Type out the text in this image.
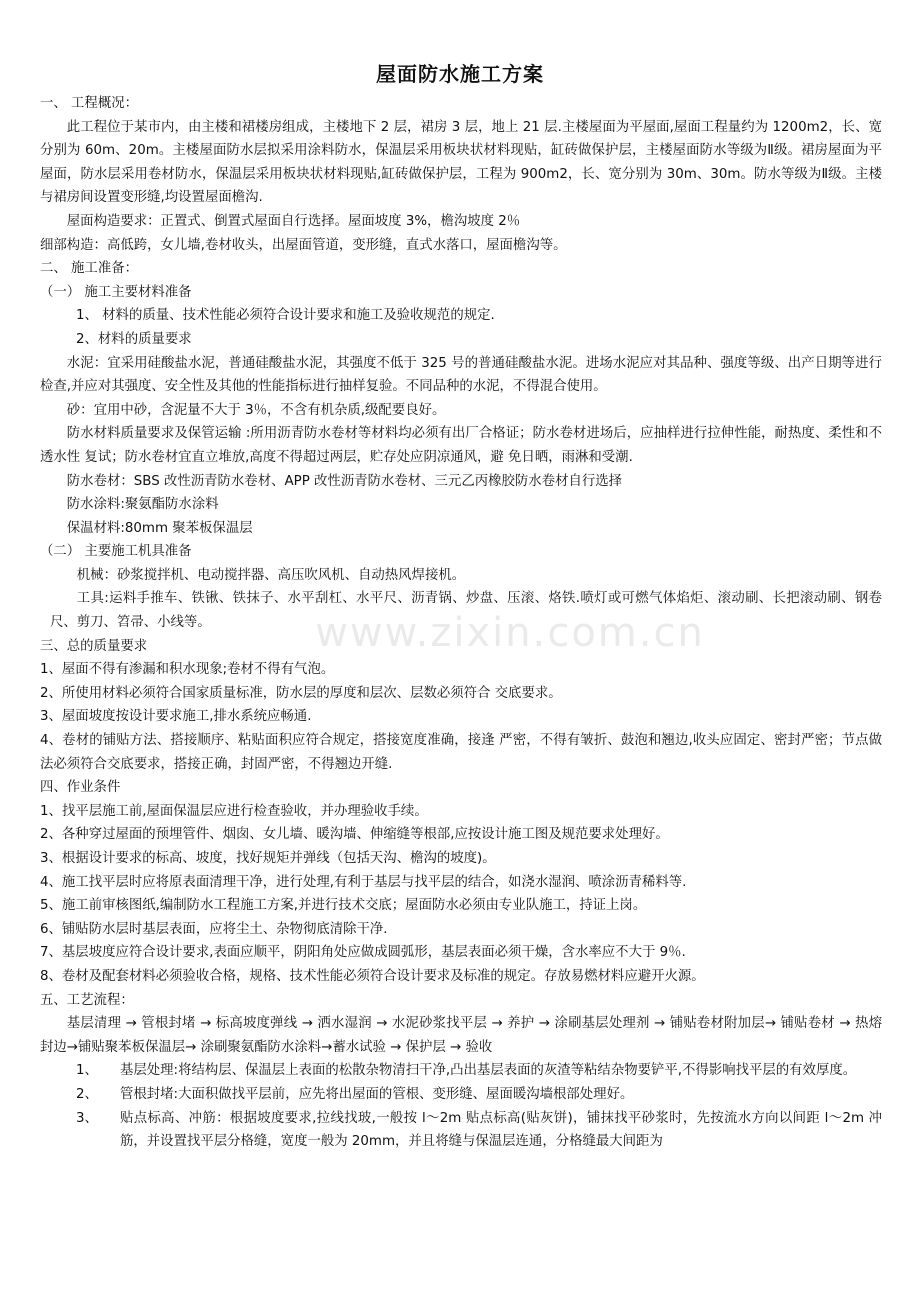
屋面防水施工方案
www.zixin.com.cn

一、 工程概况：

此工程位于某市内，由主楼和裙楼房组成，主楼地下 2 层，裙房 3 层，地上 21 层.主楼屋面为平屋面,屋面工程量约为 1200m2，长、宽分别为 60m、20m。主楼屋面防水层拟采用涂料防水，保温层采用板块状材料现贴，缸砖做保护层，主楼屋面防水等级为Ⅱ级。裙房屋面为平屋面，防水层采用卷材防水，保温层采用板块状材料现贴,缸砖做保护层，工程为 900m2，长、宽分别为 30m、30m。防水等级为Ⅱ级。主楼与裙房间设置变形缝,均设置屋面檐沟.

屋面构造要求：正置式、倒置式屋面自行选择。屋面坡度 3%，檐沟坡度 2％

细部构造：高低跨，女儿墙,卷材收头，出屋面管道，变形缝，直式水落口，屋面檐沟等。

二、 施工准备：

（一） 施工主要材料准备

1、 材料的质量、技术性能必须符合设计要求和施工及验收规范的规定.

2、材料的质量要求

水泥：宜采用硅酸盐水泥，普通硅酸盐水泥，其强度不低于 325 号的普通硅酸盐水泥。进场水泥应对其品种、强度等级、出产日期等进行检查,并应对其强度、安全性及其他的性能指标进行抽样复验。不同品种的水泥，不得混合使用。

砂：宜用中砂，含泥量不大于 3％，不含有机杂质,级配要良好。

防水材料质量要求及保管运输 :所用沥青防水卷材等材料均必须有出厂合格证；防水卷材进场后，应抽样进行拉伸性能，耐热度、柔性和不透水性 复试；防水卷材宜直立堆放,高度不得超过两层，贮存处应阴凉通风，避 免日晒，雨淋和受潮.

防水卷材：SBS 改性沥青防水卷材、APP 改性沥青防水卷材、三元乙丙橡胶防水卷材自行选择

防水涂料:聚氨酯防水涂料

保温材料:80mm 聚苯板保温层

（二） 主要施工机具准备

机械：砂浆搅拌机、电动搅拌器、高压吹风机、自动热风焊接机。

工具:运料手推车、铁锹、铁抹子、水平刮杠、水平尺、沥青锅、炒盘、压滚、烙铁.喷灯或可燃气体焰炬、滚动刷、长把滚动刷、钢卷尺、剪刀、笤帚、小线等。

三、总的质量要求

1、屋面不得有渗漏和积水现象;卷材不得有气泡。

2、所使用材料必须符合国家质量标准，防水层的厚度和层次、层数必须符合 交底要求。

3、屋面坡度按设计要求施工,排水系统应畅通.

4、卷材的铺贴方法、搭接顺序、粘贴面积应符合规定，搭接宽度准确，接逢 严密，不得有皱折、鼓泡和翘边,收头应固定、密封严密；节点做法必须符合交底要求，搭接正确，封固严密，不得翘边开缝.

四、作业条件

1、找平层施工前,屋面保温层应进行检查验收，并办理验收手续。

2、各种穿过屋面的预埋管件、烟囱、女儿墙、暖沟墙、伸缩缝等根部,应按设计施工图及规范要求处理好。

3、根据设计要求的标高、坡度，找好规矩并弹线（包括天沟、檐沟的坡度)。

4、施工找平层时应将原表面清理干净，进行处理,有利于基层与找平层的结合，如浇水湿润、喷涂沥青稀料等.

5、施工前审核图纸,编制防水工程施工方案,并进行技术交底；屋面防水必须由专业队施工，持证上岗。

6、铺贴防水层时基层表面，应将尘土、杂物彻底清除干净.

7、基层坡度应符合设计要求,表面应顺平，阴阳角处应做成圆弧形，基层表面必须干燥，含水率应不大于 9％.

8、卷材及配套材料必须验收合格，规格、技术性能必须符合设计要求及标准的规定。存放易燃材料应避开火源。

五、工艺流程：

基层清理 → 管根封堵 → 标高坡度弹线 → 洒水湿润 → 水泥砂浆找平层 → 养护 → 涂刷基层处理剂 → 铺贴卷材附加层→ 铺贴卷材 → 热熔封边→铺贴聚苯板保温层→ 涂刷聚氨酯防水涂料→蓄水试验 → 保护层 → 验收

1、	基层处理:将结构层、保温层上表面的松散杂物清扫干净,凸出基层表面的灰渣等粘结杂物要铲平,不得影响找平层的有效厚度。
2、	管根封堵:大面积做找平层前，应先将出屋面的管根、变形缝、屋面暖沟墙根部处理好。
3、	贴点标高、冲筋：根据坡度要求,拉线找玻,一般按 l～2m 贴点标高(贴灰饼)，铺抹找平砂浆时，先按流水方向以间距 l～2m 冲筋，并设置找平层分格缝，宽度一般为 20mm，并且将缝与保温层连通，分格缝最大间距为
